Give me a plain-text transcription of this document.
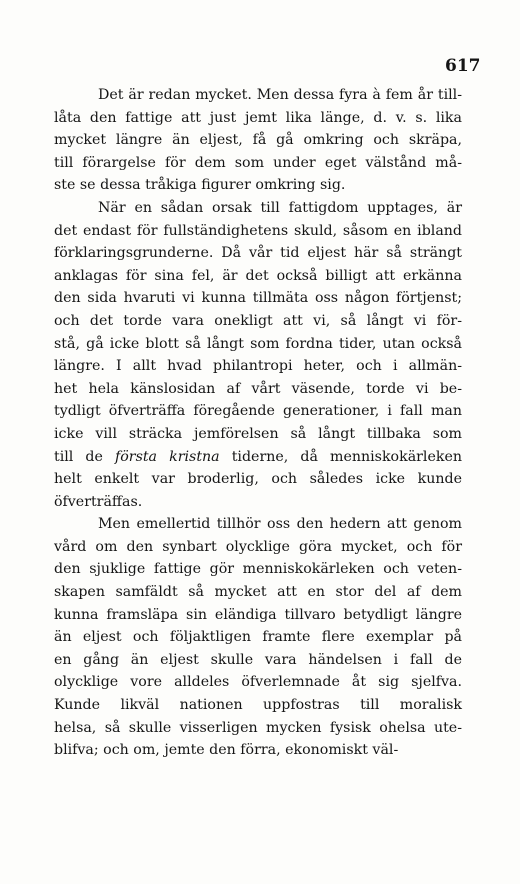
617
Det är redan mycket. Men dessa fyra à fem år till-
låta den fattige att just jemt lika länge, d. v. s. lika
mycket längre än eljest, få gå omkring och skräpa,
till förargelse för dem som under eget välstånd må-
ste se dessa tråkiga figurer omkring sig.
När en sådan orsak till fattigdom upptages, är
det endast för fullständighetens skuld, såsom en ibland
förklaringsgrunderne. Då vår tid eljest här så strängt
anklagas för sina fel, är det också billigt att erkänna
den sida hvaruti vi kunna tillmäta oss någon förtjenst;
och det torde vara onekligt att vi, så långt vi för-
stå, gå icke blott så långt som fordna tider, utan också
längre. I allt hvad philantropi heter, och i allmän-
het hela känslosidan af vårt väsende, torde vi be-
tydligt öfverträffa föregående generationer, i fall man
icke vill sträcka jemförelsen så långt tillbaka som
till de första kristna tiderne, då menniskokärleken
helt enkelt var broderlig, och således icke kunde
öfverträffas.
Men emellertid tillhör oss den hedern att genom
vård om den synbart olycklige göra mycket, och för
den sjuklige fattige gör menniskokärleken och veten-
skapen samfäldt så mycket att en stor del af dem
kunna framsläpa sin eländiga tillvaro betydligt längre
än eljest och följaktligen framte flere exemplar på
en gång än eljest skulle vara händelsen i fall de
olycklige vore alldeles öfverlemnade åt sig sjelfva.
Kunde likväl nationen uppfostras till moralisk
helsa, så skulle visserligen mycken fysisk ohelsa ute-
blifva; och om, jemte den förra, ekonomiskt väl-
